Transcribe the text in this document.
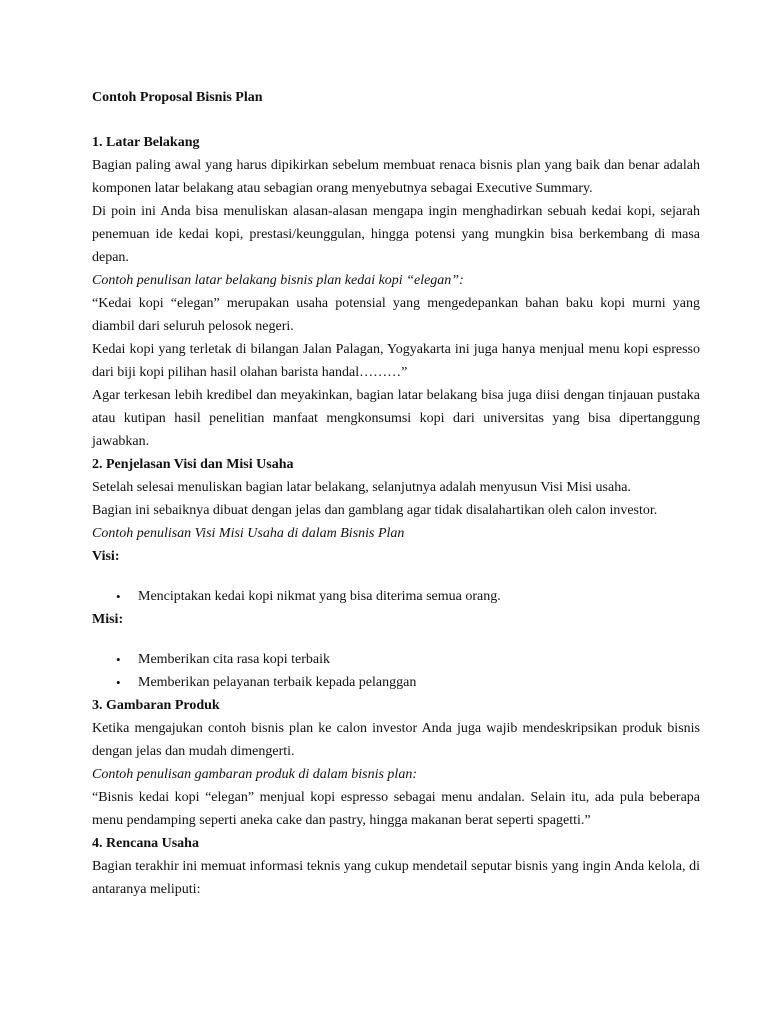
Contoh Proposal Bisnis Plan
1. Latar Belakang

Bagian paling awal yang harus dipikirkan sebelum membuat renaca bisnis plan yang baik dan benar adalah komponen latar belakang atau sebagian orang menyebutnya sebagai Executive Summary.

Di poin ini Anda bisa menuliskan alasan-alasan mengapa ingin menghadirkan sebuah kedai kopi, sejarah penemuan ide kedai kopi, prestasi/keunggulan, hingga potensi yang mungkin bisa berkembang di masa depan.

Contoh penulisan latar belakang bisnis plan kedai kopi “elegan”:

“Kedai kopi “elegan” merupakan usaha potensial yang mengedepankan bahan baku kopi murni yang diambil dari seluruh pelosok negeri.

Kedai kopi yang terletak di bilangan Jalan Palagan, Yogyakarta ini juga hanya menjual menu kopi espresso dari biji kopi pilihan hasil olahan barista handal………”

Agar terkesan lebih kredibel dan meyakinkan, bagian latar belakang bisa juga diisi dengan tinjauan pustaka atau kutipan hasil penelitian manfaat mengkonsumsi kopi dari universitas yang bisa dipertanggung jawabkan.

2. Penjelasan Visi dan Misi Usaha

Setelah selesai menuliskan bagian latar belakang, selanjutnya adalah menyusun Visi Misi usaha.

Bagian ini sebaiknya dibuat dengan jelas dan gamblang agar tidak disalahartikan oleh calon investor.

Contoh penulisan Visi Misi Usaha di dalam Bisnis Plan

Visi:
• Menciptakan kedai kopi nikmat yang bisa diterima semua orang.
Misi:
• Memberikan cita rasa kopi terbaik
• Memberikan pelayanan terbaik kepada pelanggan
3. Gambaran Produk

Ketika mengajukan contoh bisnis plan ke calon investor Anda juga wajib mendeskripsikan produk bisnis dengan jelas dan mudah dimengerti.

Contoh penulisan gambaran produk di dalam bisnis plan:

“Bisnis kedai kopi “elegan” menjual kopi espresso sebagai menu andalan. Selain itu, ada pula beberapa menu pendamping seperti aneka cake dan pastry, hingga makanan berat seperti spagetti.”

4. Rencana Usaha

Bagian terakhir ini memuat informasi teknis yang cukup mendetail seputar bisnis yang ingin Anda kelola, di antaranya meliputi:
